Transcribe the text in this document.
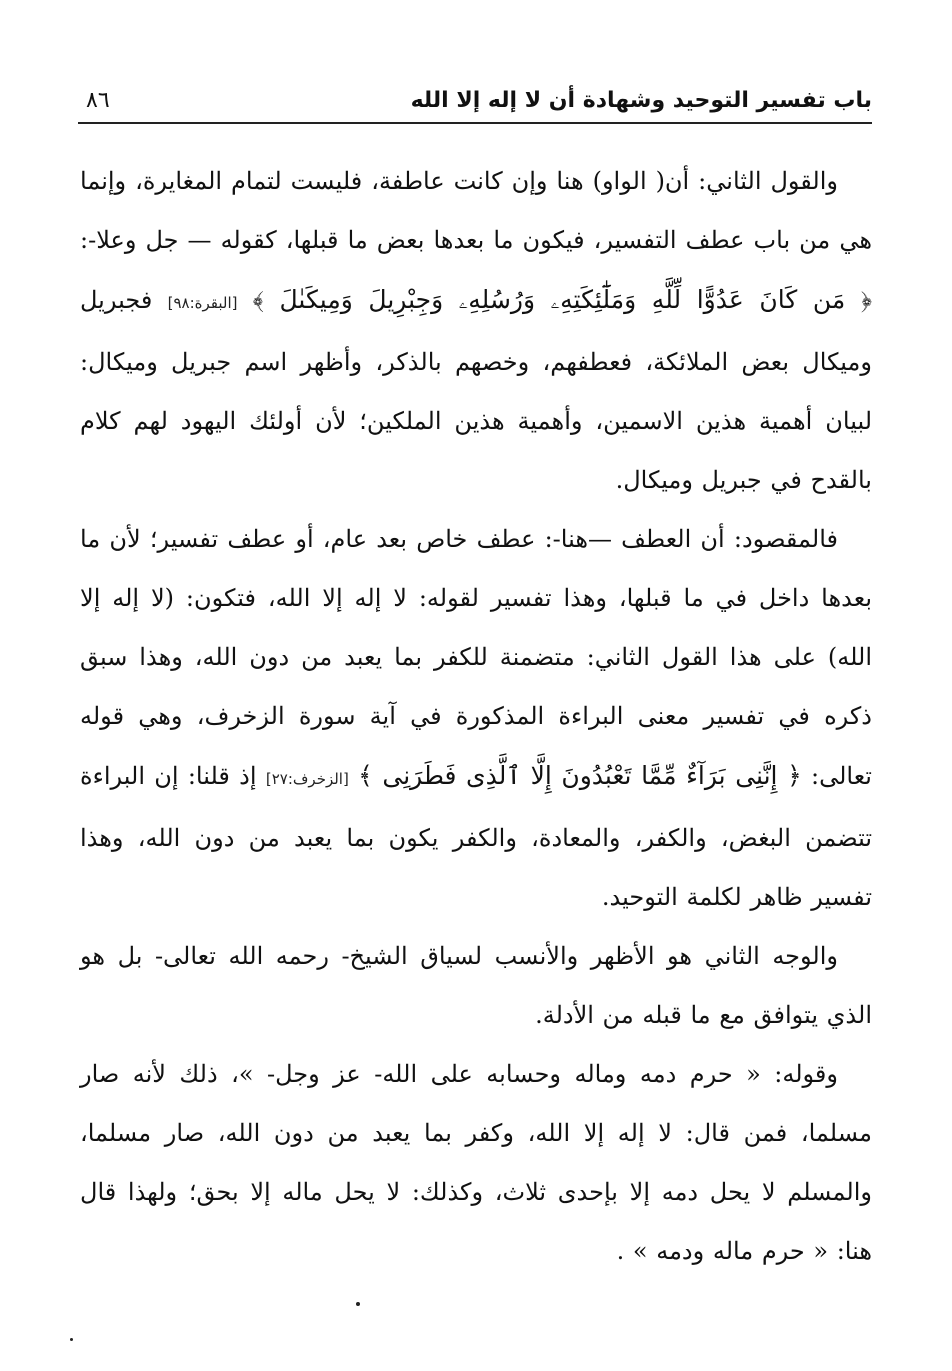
باب تفسير التوحيد وشهادة أن لا إله إلا الله
٨٦

والقول الثاني: أن( الواو) هنا وإن كانت عاطفة، فليست لتمام المغايرة، وإنما هي من باب عطف التفسير، فيكون ما بعدها بعض ما قبلها، كقوله — جل وعلا-: ﴿ مَن كَانَ عَدُوًّا لِّلَّهِ وَمَلَٰٓئِكَتِهِۦ وَرُسُلِهِۦ وَجِبْرِيلَ وَمِيكَىٰلَ ﴾ [البقرة:٩٨] فجبريل وميكال بعض الملائكة، فعطفهم، وخصهم بالذكر، وأظهر اسم جبريل وميكال: لبيان أهمية هذين الاسمين، وأهمية هذين الملكين؛ لأن أولئك اليهود لهم كلام بالقدح في جبريل وميكال.

فالمقصود: أن العطف —هنا-: عطف خاص بعد عام، أو عطف تفسير؛ لأن ما بعدها داخل في ما قبلها، وهذا تفسير لقوله: لا إله إلا الله، فتكون: (لا إله إلا الله) على هذا القول الثاني: متضمنة للكفر بما يعبد من دون الله، وهذا سبق ذكره في تفسير معنى البراءة المذكورة في آية سورة الزخرف، وهي قوله تعالى: ﴿ إِنَّنِى بَرَآءٌ مِّمَّا تَعْبُدُونَ إِلَّا ٱلَّذِى فَطَرَنِى ﴾ [الزخرف:٢٧] إذ قلنا: إن البراءة تتضمن البغض، والكفر، والمعادة، والكفر يكون بما يعبد من دون الله، وهذا تفسير ظاهر لكلمة التوحيد.

والوجه الثاني هو الأظهر والأنسب لسياق الشيخ- رحمه الله تعالى- بل هو الذي يتوافق مع ما قبله من الأدلة.

وقوله: « حرم دمه وماله وحسابه على الله- عز وجل- »، ذلك لأنه صار مسلما، فمن قال: لا إله إلا الله، وكفر بما يعبد من دون الله، صار مسلما، والمسلم لا يحل دمه إلا بإحدى ثلاث، وكذلك: لا يحل ماله إلا بحق؛ ولهذا قال هنا: « حرم ماله ودمه » .
